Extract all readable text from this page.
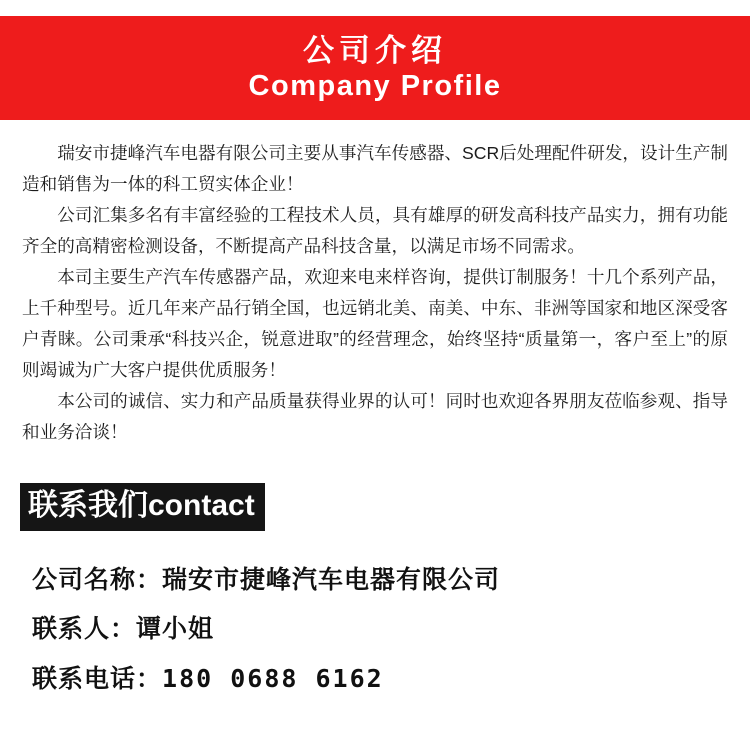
公司介绍
Company Profile

瑞安市捷峰汽车电器有限公司主要从事汽车传感器、SCR后处理配件研发，设计生产制造和销售为一体的科工贸实体企业！

公司汇集多名有丰富经验的工程技术人员，具有雄厚的研发高科技产品实力，拥有功能齐全的高精密检测设备，不断提高产品科技含量，以满足市场不同需求。

本司主要生产汽车传感器产品，欢迎来电来样咨询，提供订制服务！十几个系列产品，上千种型号。近几年来产品行销全国，也远销北美、南美、中东、非洲等国家和地区深受客户青睐。公司秉承“科技兴企，锐意进取”的经营理念，始终坚持“质量第一，客户至上”的原则竭诚为广大客户提供优质服务！

本公司的诚信、实力和产品质量获得业界的认可！同时也欢迎各界朋友莅临参观、指导和业务洽谈！

联系我们contact
公司名称： 瑞安市捷峰汽车电器有限公司
联系人： 谭小姐
联系电话： 180 0688 6162
